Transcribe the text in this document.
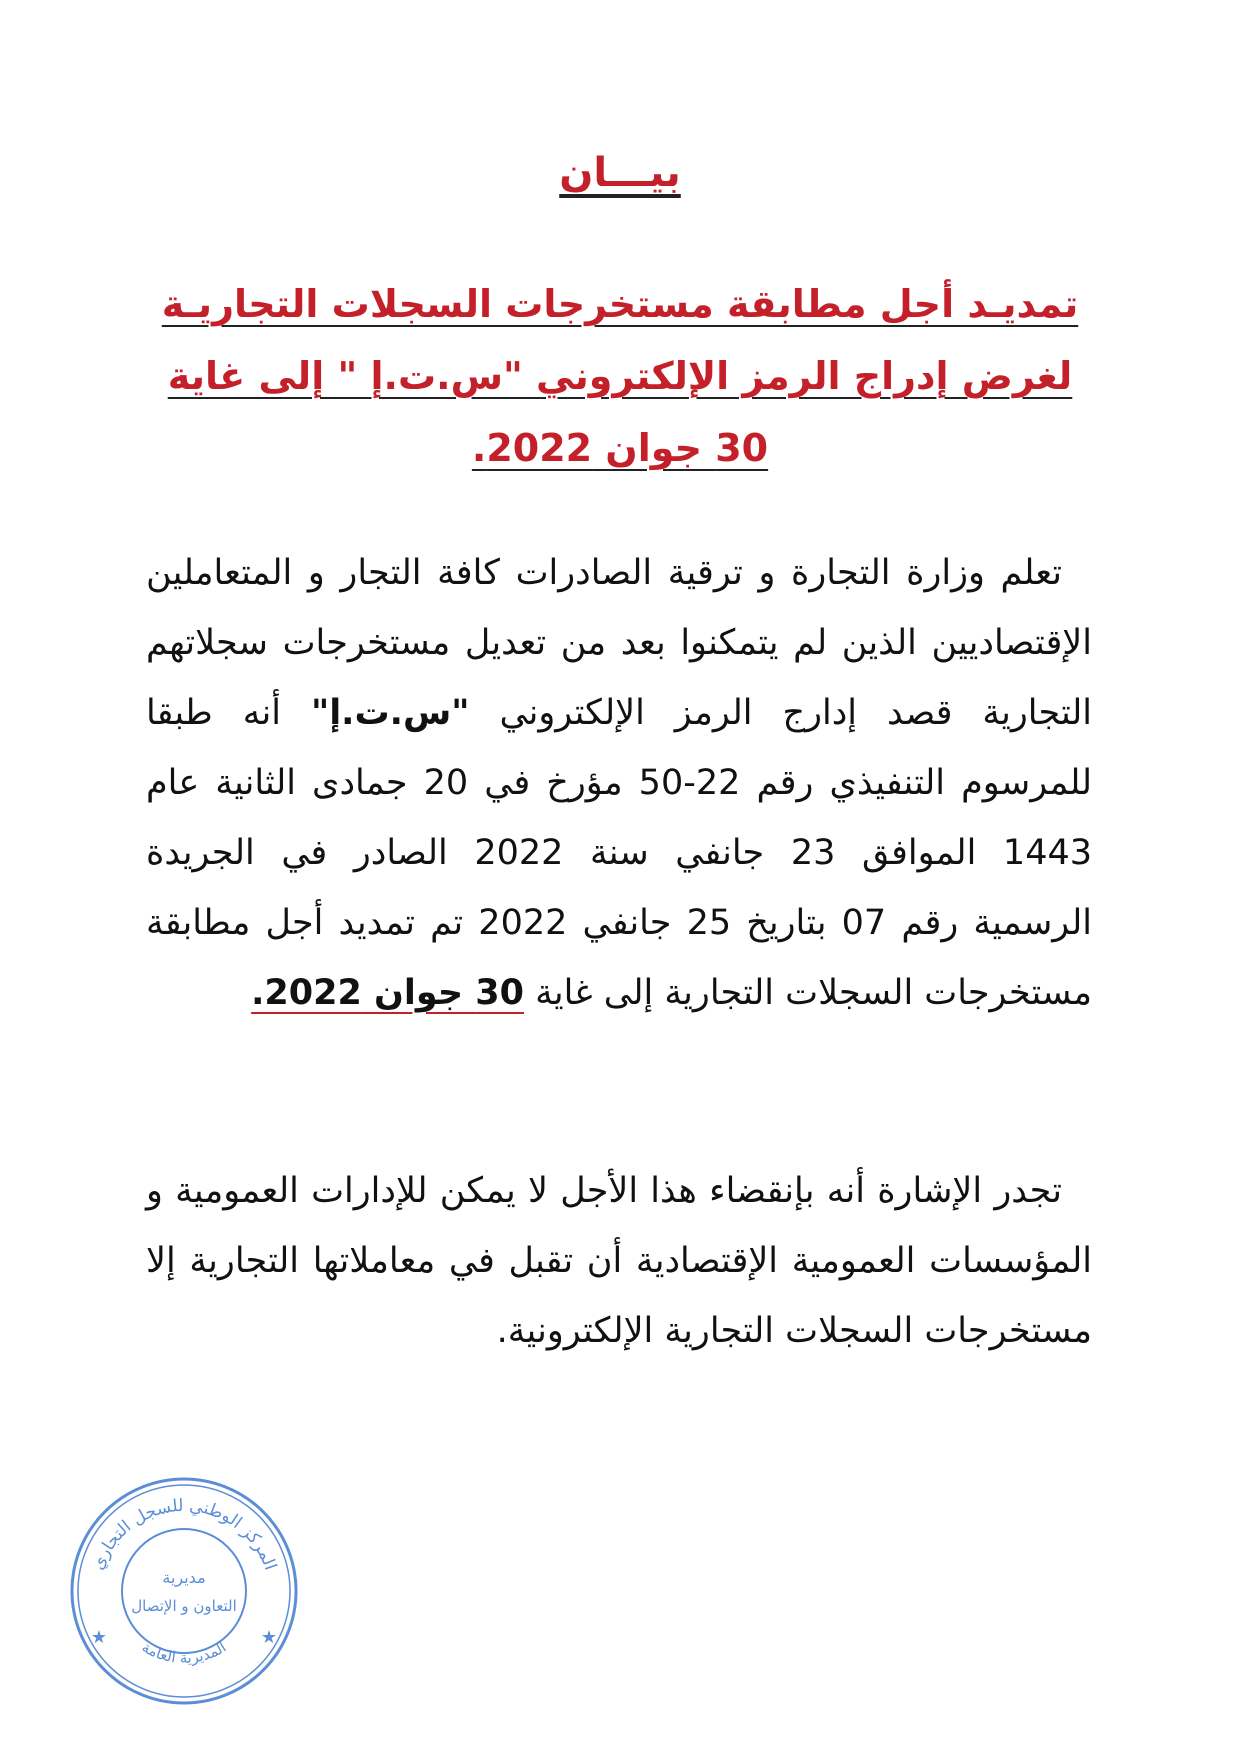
بيـــان
تمديـد أجل مطابقة مستخرجات السجلات التجاريـة
لغرض إدراج الرمز الإلكتروني "س.ت.إ " إلى غاية
30 جوان 2022.
تعلم وزارة التجارة و ترقية الصادرات كافة التجار و المتعاملين الإقتصاديين الذين لم يتمكنوا بعد من تعديل مستخرجات سجلاتهم التجارية قصد إدارج الرمز الإلكتروني "س.ت.إ" أنه طبقا للمرسوم التنفيذي رقم 22-50 مؤرخ في 20 جمادى الثانية عام 1443 الموافق 23 جانفي سنة 2022 الصادر في الجريدة الرسمية رقم 07 بتاريخ 25 جانفي 2022 تم تمديد أجل مطابقة مستخرجات السجلات التجارية إلى غاية 30 جوان 2022.
تجدر الإشارة أنه بإنقضاء هذا الأجل لا يمكن للإدارات العمومية و المؤسسات العمومية الإقتصادية أن تقبل في معاملاتها التجارية إلا مستخرجات السجلات التجارية الإلكترونية.
المركز الوطني للسجل التجاري
المديرية العامة
★	★
مديرية
التعاون و الإتصال
